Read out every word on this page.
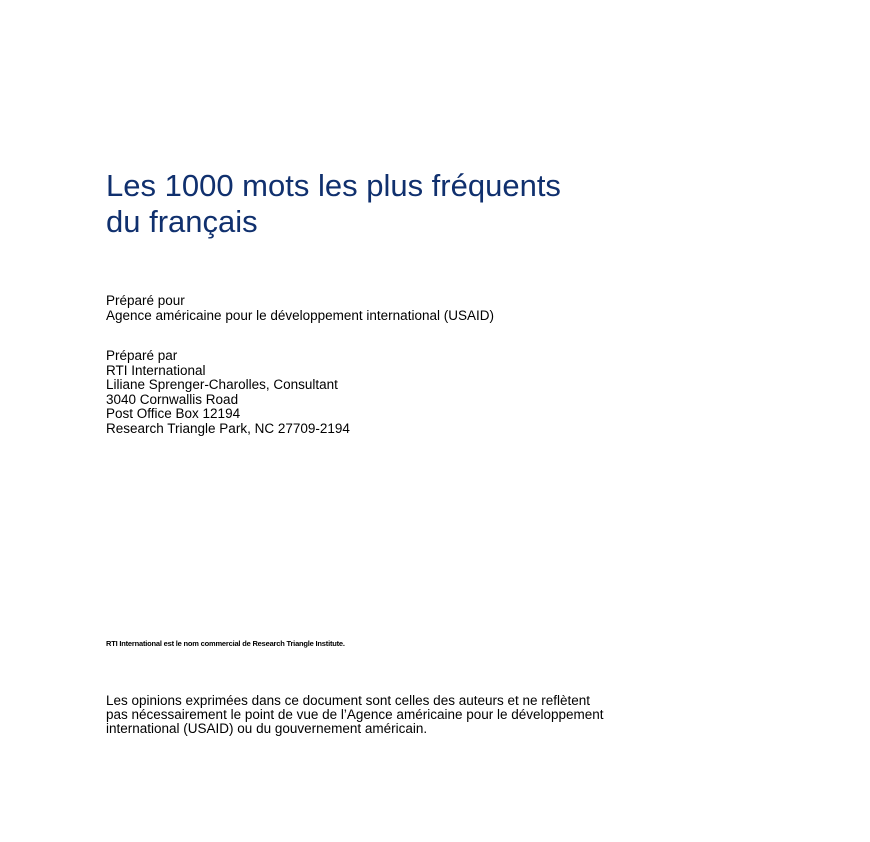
Les 1000 mots les plus fréquents
du français
Préparé pour
Agence américaine pour le développement international (USAID)
Préparé par
RTI International
Liliane Sprenger-Charolles, Consultant
3040 Cornwallis Road
Post Office Box 12194
Research Triangle Park, NC 27709-2194
RTI International est le nom commercial de Research Triangle Institute.
Les opinions exprimées dans ce document sont celles des auteurs et ne reflètent
pas nécessairement le point de vue de l’Agence américaine pour le développement
international (USAID) ou du gouvernement américain.
